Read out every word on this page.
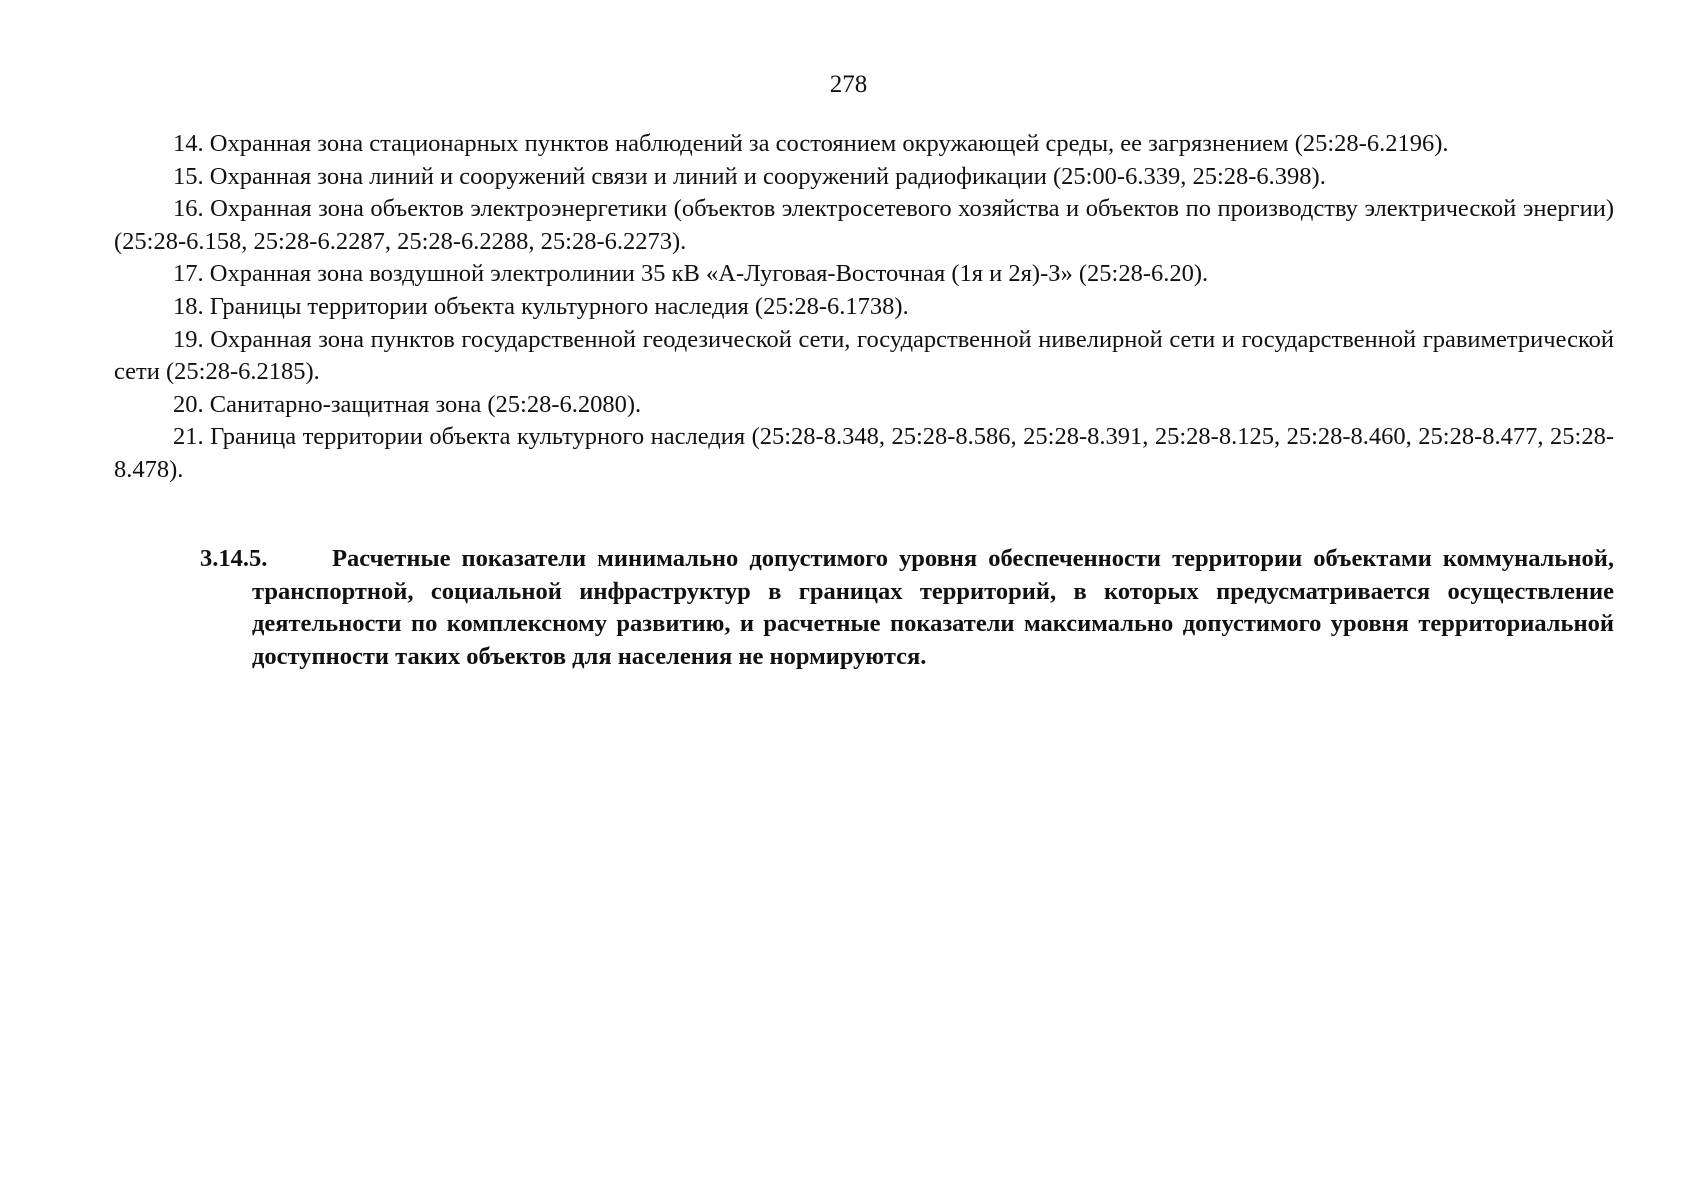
278

14. Охранная зона стационарных пунктов наблюдений за состоянием окружающей среды, ее загрязнением (25:28-6.2196).

15. Охранная зона линий и сооружений связи и линий и сооружений радиофикации (25:00-6.339, 25:28-6.398).

16. Охранная зона объектов электроэнергетики (объектов электросетевого хозяйства и объектов по производству электрической энергии) (25:28-6.158, 25:28-6.2287, 25:28-6.2288, 25:28-6.2273).

17. Охранная зона воздушной электролинии 35 кВ «А-Луговая-Восточная (1я и 2я)-З» (25:28-6.20).

18. Границы территории объекта культурного наследия (25:28-6.1738).

19. Охранная зона пунктов государственной геодезической сети, государственной нивелирной сети и государственной гравиметрической сети (25:28-6.2185).

20. Санитарно-защитная зона (25:28-6.2080).

21. Граница территории объекта культурного наследия (25:28-8.348, 25:28-8.586, 25:28-8.391, 25:28-8.125, 25:28-8.460, 25:28-8.477, 25:28-8.478).

3.14.5.	Расчетные показатели минимально допустимого уровня обеспеченности территории объектами коммунальной, транспортной, социальной инфраструктур в границах территорий, в которых предусматривается осуществление деятельности по комплексному развитию, и расчетные показатели максимально допустимого уровня территориальной доступности таких объектов для населения не нормируются.
